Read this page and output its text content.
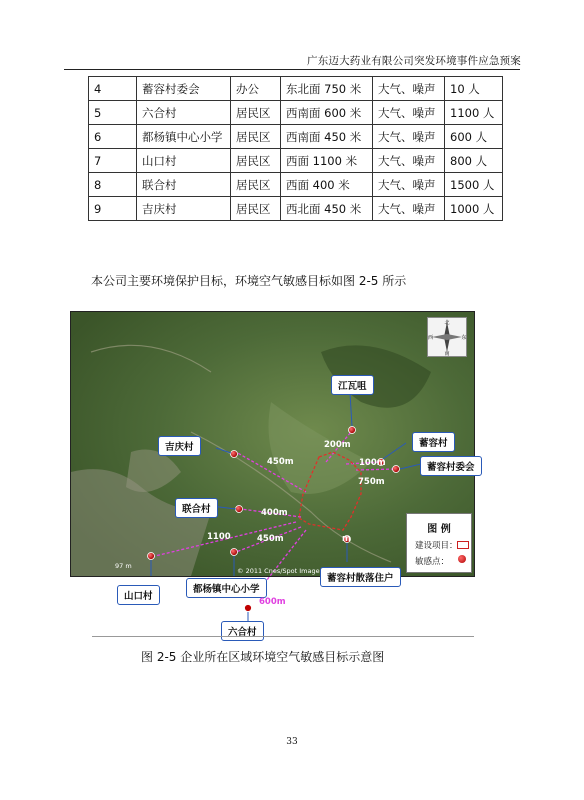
广东迈大药业有限公司突发环境事件应急预案
4	蓄容村委会	办公	东北面 750 米	大气、噪声	10 人
5	六合村	居民区	西南面 600 米	大气、噪声	1100 人
6	都杨镇中心小学	居民区	西南面 450 米	大气、噪声	600 人
7	山口村	居民区	西面 1100 米	大气、噪声	800 人
8	联合村	居民区	西面 400 米	大气、噪声	1500 人
9	吉庆村	居民区	西北面 450 米	大气、噪声	1000 人
本公司主要环境保护目标，环境空气敏感目标如图 2-5 所示
97 m
© 2011 Cnes/Spot Image
200m
450m	100m
750m
400m
1100	450m	m
北
南
东
西
图 例
建设项目：
敏感点：
江瓦咀
吉庆村	蓄容村
蓄容村委会
联合村
山口村
都杨镇中心小学
六合村
蓄容村散落住户
600m
图 2-5 企业所在区域环境空气敏感目标示意图
33
